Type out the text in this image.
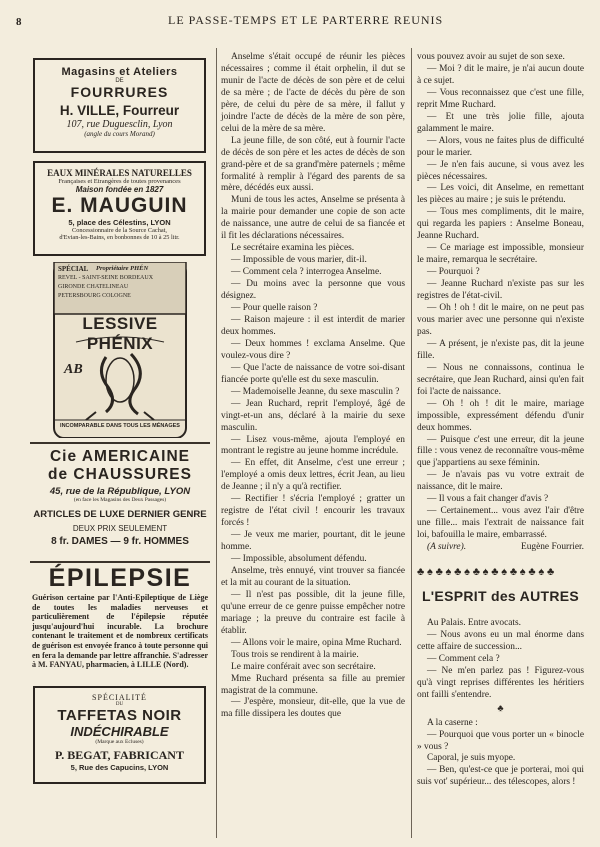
8	LE PASSE-TEMPS ET LE PARTERRE REUNIS
Magasins et Ateliers
DE
FOURRURES
H. VILLE, Fourreur
107, rue Duguesclin, Lyon
(angle du cours Morand)
EAUX MINÉRALES NATURELLES
Françaises et Etrangères de toutes provenances
Maison fondée en 1827
E. MAUGUIN
5, place des Célestins, LYON
Concessionnaire de la Source Cachat,
d'Evian-les-Bains, en bonbonnes de 10 à 25 litr.
SPÉCIAL Propriétaire PHÉN
REVEL - SAINT-SEINE BORDEAUX
GIRONDE CHATELINEAU
PETERSBOURG COLOGNE
LESSIVE PHÉNIX
AB
INCOMPARABLE DANS TOUS LES MÉNAGES
Cie AMERICAINE
de CHAUSSURES
45, rue de la République, LYON
(en face les Magasins des Deux Passages)
ARTICLES DE LUXE DERNIER GENRE
DEUX PRIX SEULEMENT
8 fr. DAMES — 9 fr. HOMMES
ÉPILEPSIE
Guérison certaine par l'Anti-Epileptique de Liège de toutes les maladies nerveuses et particulièrement de l'épilepsie réputée jusqu'aujourd'hui incurable. La brochure contenant le traitement et de nombreux certificats de guérison est envoyée franco à toute personne qui en fera la demande par lettre affranchie. S'adresser à M. FANYAU, pharmacien, à LILLE (Nord).
SPÉCIALITÉ
DU
TAFFETAS NOIR
INDÉCHIRABLE
(Marque aux Ecluses)
P. BEGAT, FABRICANT
5, Rue des Capucins, LYON

Anselme s'était occupé de réunir les pièces nécessaires ; comme il était orphelin, il dut se munir de l'acte de décès de son père et de celui de sa mère ; de l'acte de décès du père de son père, de celui du père de sa mère, il fallut y joindre l'acte de décès de la mère de son père, celui de la mère de sa mère.

La jeune fille, de son côté, eut à fournir l'acte de décès de son père et les actes de décès de son grand-père et de sa grand'mère paternels ; même formalité à remplir à l'égard des parents de sa mère, décédés eux aussi.

Muni de tous les actes, Anselme se présenta à la mairie pour demander une copie de son acte de naissance, une autre de celui de sa fiancée et il fit les déclarations nécessaires.

Le secrétaire examina les pièces.

— Impossible de vous marier, dit-il.

— Comment cela ? interrogea Anselme.

— Du moins avec la personne que vous désignez.

— Pour quelle raison ?

— Raison majeure : il est interdit de marier deux hommes.

— Deux hommes ! exclama Anselme. Que voulez-vous dire ?

— Que l'acte de naissance de votre soi-disant fiancée porte qu'elle est du sexe masculin.

— Mademoiselle Jeanne, du sexe masculin ?

— Jean Ruchard, reprit l'employé, âgé de vingt-et-un ans, déclaré à la mairie du sexe masculin.

— Lisez vous-même, ajouta l'employé en montrant le registre au jeune homme incrédule.

— En effet, dit Anselme, c'est une erreur ; l'employé a omis deux lettres, écrit Jean, au lieu de Jeanne ; il n'y a qu'à rectifier.

— Rectifier ! s'écria l'employé ; gratter un registre de l'état civil ! encourir les travaux forcés !

— Je veux me marier, pourtant, dit le jeune homme.

— Impossible, absolument défendu.

Anselme, très ennuyé, vint trouver sa fiancée et la mit au courant de la situation.

— Il n'est pas possible, dit la jeune fille, qu'une erreur de ce genre puisse empêcher notre mariage ; la preuve du contraire est facile à établir.

— Allons voir le maire, opina Mme Ruchard.

Tous trois se rendirent à la mairie.

Le maire conférait avec son secrétaire.

Mme Ruchard présenta sa fille au premier magistrat de la commune.

— J'espère, monsieur, dit-elle, que la vue de ma fille dissipera les doutes que

vous pouvez avoir au sujet de son sexe.

— Moi ? dit le maire, je n'ai aucun doute à ce sujet.

— Vous reconnaissez que c'est une fille, reprit Mme Ruchard.

— Et une très jolie fille, ajouta galamment le maire.

— Alors, vous ne faites plus de difficulté pour le marier.

— Je n'en fais aucune, si vous avez les pièces nécessaires.

— Les voici, dit Anselme, en remettant les pièces au maire ; je suis le prétendu.

— Tous mes compliments, dit le maire, qui regarda les papiers : Anselme Boneau, Jeanne Ruchard.

— Ce mariage est impossible, monsieur le maire, remarqua le secrétaire.

— Pourquoi ?

— Jeanne Ruchard n'existe pas sur les registres de l'état-civil.

— Oh ! oh ! dit le maire, on ne peut pas vous marier avec une personne qui n'existe pas.

— A présent, je n'existe pas, dit la jeune fille.

— Nous ne connaissons, continua le secrétaire, que Jean Ruchard, ainsi qu'en fait foi l'acte de naissance.

— Oh ! oh ! dit le maire, mariage impossible, expressément défendu d'unir deux hommes.

— Puisque c'est une erreur, dit la jeune fille : vous venez de reconnaître vous-même que j'appartiens au sexe féminin.

— Je n'avais pas vu votre extrait de naissance, dit le maire.

— Il vous a fait changer d'avis ?

— Certainement... vous avez l'air d'être une fille... mais l'extrait de naissance fait loi, bafouilla le maire, embarrassé.

(A suivre).	Eugène Fourrier.

♣ ♠ ♣ ♠ ♣ ♠ ♣ ♠ ♣ ♠ ♣ ♠ ♣ ♠ ♣
L'ESPRIT des AUTRES

Au Palais. Entre avocats.

— Nous avons eu un mal énorme dans cette affaire de succession...

— Comment cela ?

— Ne m'en parlez pas ! Figurez-vous qu'à vingt reprises différentes les héritiers ont failli s'entendre.

♣

A la caserne :

— Pourquoi que vous porter un « binocle » vous ?

Caporal, je suis myope.

— Ben, qu'est-ce que je porterai, moi qui suis vot' supérieur... des télescopes, alors !
